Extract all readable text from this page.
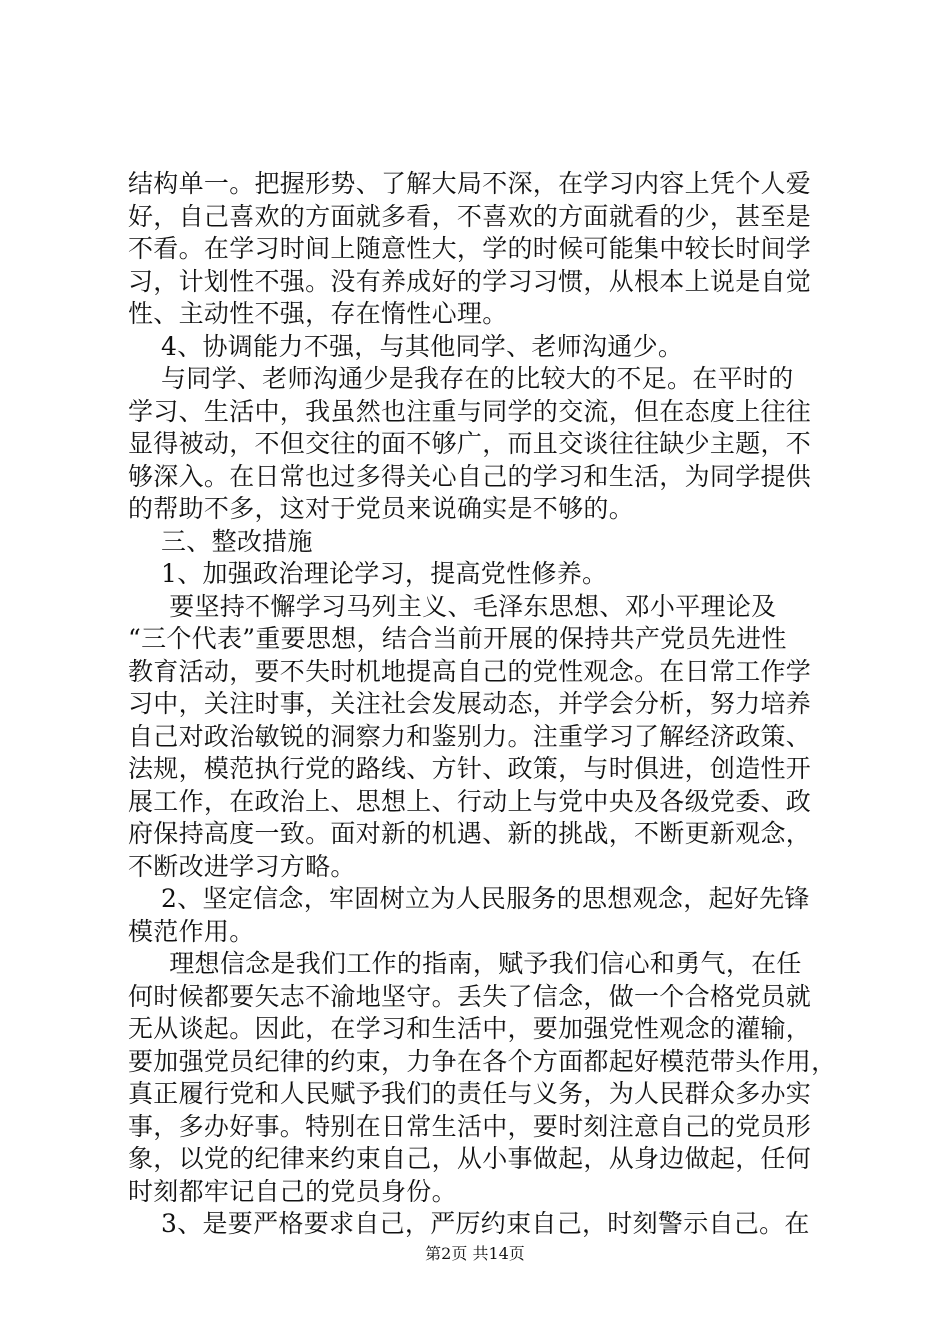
结构单一。把握形势、了解大局不深，在学习内容上凭个人爱
好，自己喜欢的方面就多看，不喜欢的方面就看的少，甚至是
不看。在学习时间上随意性大，学的时候可能集中较长时间学
习，计划性不强。没有养成好的学习习惯，从根本上说是自觉
性、主动性不强，存在惰性心理。
4、协调能力不强，与其他同学、老师沟通少。
与同学、老师沟通少是我存在的比较大的不足。在平时的
学习、生活中，我虽然也注重与同学的交流，但在态度上往往
显得被动，不但交往的面不够广，而且交谈往往缺少主题，不
够深入。在日常也过多得关心自己的学习和生活，为同学提供
的帮助不多，这对于党员来说确实是不够的。
三、整改措施
1、加强政治理论学习，提高党性修养。
要坚持不懈学习马列主义、毛泽东思想、邓小平理论及
“三个代表”重要思想，结合当前开展的保持共产党员先进性
教育活动，要不失时机地提高自己的党性观念。在日常工作学
习中，关注时事，关注社会发展动态，并学会分析，努力培养
自己对政治敏锐的洞察力和鉴别力。注重学习了解经济政策、
法规，模范执行党的路线、方针、政策，与时俱进，创造性开
展工作，在政治上、思想上、行动上与党中央及各级党委、政
府保持高度一致。面对新的机遇、新的挑战，不断更新观念，
不断改进学习方略。
2、坚定信念，牢固树立为人民服务的思想观念，起好先锋
模范作用。
理想信念是我们工作的指南，赋予我们信心和勇气，在任
何时候都要矢志不渝地坚守。丢失了信念，做一个合格党员就
无从谈起。因此，在学习和生活中，要加强党性观念的灌输，
要加强党员纪律的约束，力争在各个方面都起好模范带头作用，
真正履行党和人民赋予我们的责任与义务，为人民群众多办实
事，多办好事。特别在日常生活中，要时刻注意自己的党员形
象，以党的纪律来约束自己，从小事做起，从身边做起，任何
时刻都牢记自己的党员身份。
3、是要严格要求自己，严厉约束自己，时刻警示自己。在
第2页 共14页
